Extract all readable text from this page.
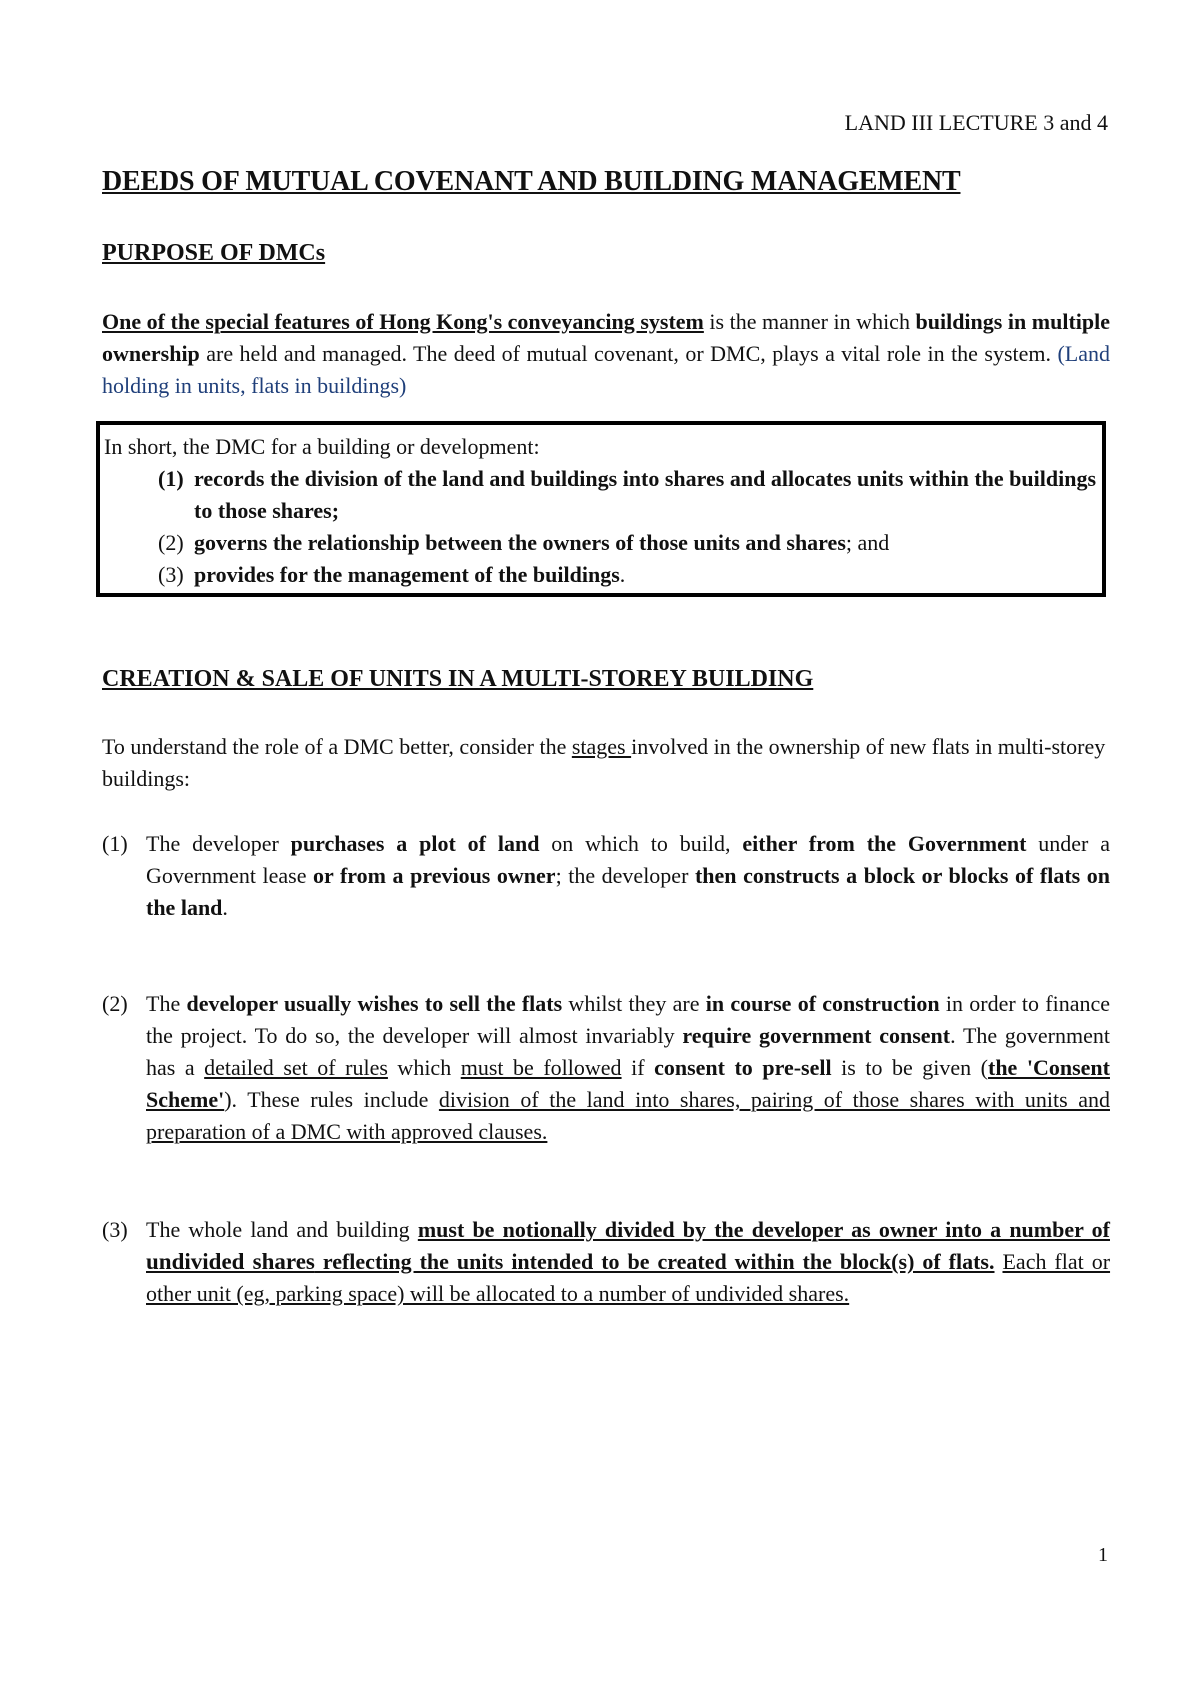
LAND III LECTURE 3 and 4
DEEDS OF MUTUAL COVENANT AND BUILDING MANAGEMENT
PURPOSE OF DMCs
One of the special features of Hong Kong's conveyancing system is the manner in which buildings in multiple ownership are held and managed. The deed of mutual covenant, or DMC, plays a vital role in the system. (Land holding in units, flats in buildings)
In short, the DMC for a building or development:
(1) records the division of the land and buildings into shares and allocates units within the buildings to those shares;
(2) governs the relationship between the owners of those units and shares; and
(3) provides for the management of the buildings.
CREATION & SALE OF UNITS IN A MULTI-STOREY BUILDING
To understand the role of a DMC better, consider the stages involved in the ownership of new flats in multi-storey buildings:
(1) The developer purchases a plot of land on which to build, either from the Government under a Government lease or from a previous owner; the developer then constructs a block or blocks of flats on the land.
(2) The developer usually wishes to sell the flats whilst they are in course of construction in order to finance the project. To do so, the developer will almost invariably require government consent. The government has a detailed set of rules which must be followed if consent to pre-sell is to be given (the 'Consent Scheme'). These rules include division of the land into shares, pairing of those shares with units and preparation of a DMC with approved clauses.
(3) The whole land and building must be notionally divided by the developer as owner into a number of undivided shares reflecting the units intended to be created within the block(s) of flats. Each flat or other unit (eg, parking space) will be allocated to a number of undivided shares.
1
